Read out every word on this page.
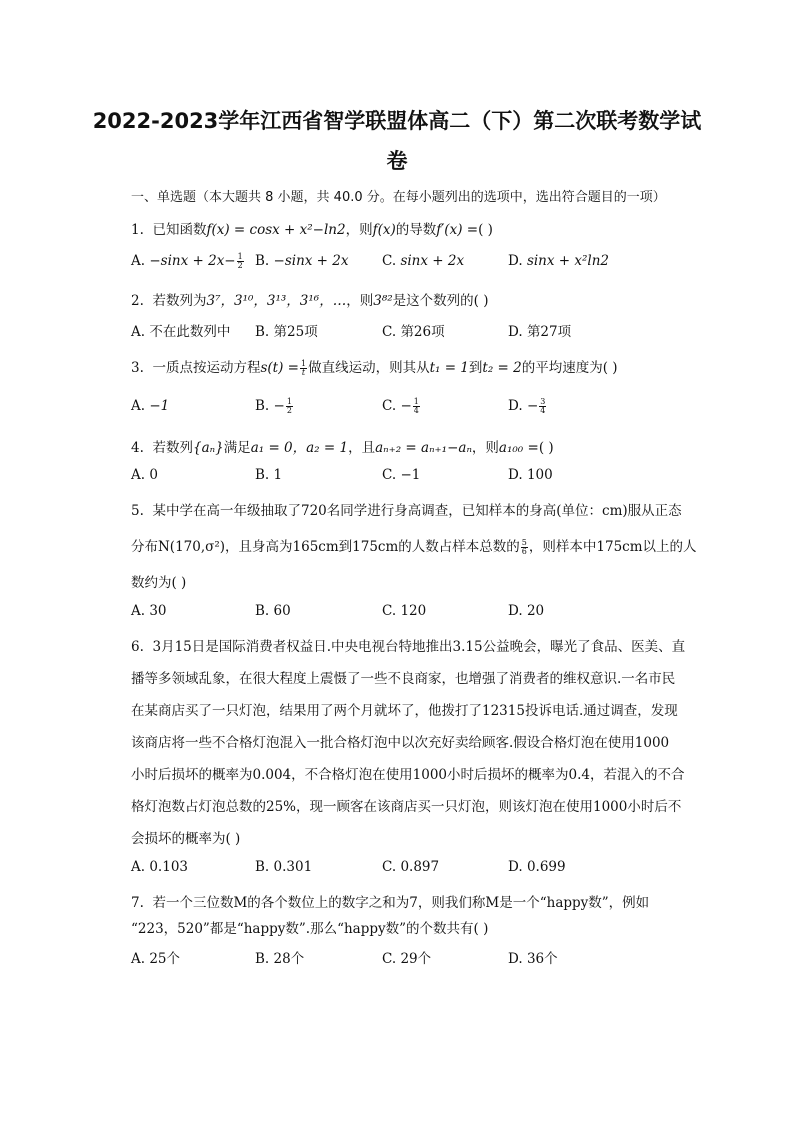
2022-2023学年江西省智学联盟体高二（下）第二次联考数学试
卷
一、单选题（本大题共 8 小题，共 40.0 分。在每小题列出的选项中，选出符合题目的一项）
1. 已知函数f(x) = cosx + x²−ln2，则f(x)的导数f′(x) =( )
A. $-\sin x + 2x- \frac{1}{2} B$. −sinx + 2x C. sinx + 2x	D. sinx + x²ln2
2. 若数列为3⁷，3¹⁰，3¹³，3¹⁶，…，则3⁸²是这个数列的( )
A. 不在此数列中 B. 第25项	C. 第26项	D. 第27项
3. 一质点按运动方程$s(t) = \frac{1}{t}$ 做直线运动，则其从t₁ = 1到t₂ = 2的平均速度为( )
A. −1	B. − $\frac{1}{2}$	C. − $\frac{1}{4}$	D. − $\frac{3}{4}$
4. 若数列{aₙ}满足a₁ = 0，a₂ = 1，且aₙ₊₂ = aₙ₊₁−aₙ，则a₁₀₀ =( )
A. 0	B. 1	C. −1	D. 100
5. 某中学在高一年级抽取了720名同学进行身高调查，已知样本的身高(单位：cm)服从正态
分布N(170,σ²)，且身高为165cm到175cm的人数占样本总数的 $\frac{5}{6}$ ，则样本中175cm以上的人
数约为( )
A. 30	B. 60	C. 120	D. 20
6. 3月15日是国际消费者权益日.中央电视台特地推出3.15公益晚会，曝光了食品、医美、直
播等多领域乱象，在很大程度上震慑了一些不良商家，也增强了消费者的维权意识.一名市民
在某商店买了一只灯泡，结果用了两个月就坏了，他拨打了12315投诉电话.通过调查，发现
该商店将一些不合格灯泡混入一批合格灯泡中以次充好卖给顾客.假设合格灯泡在使用1000
小时后损坏的概率为0.004，不合格灯泡在使用1000小时后损坏的概率为0.4，若混入的不合
格灯泡数占灯泡总数的25%，现一顾客在该商店买一只灯泡，则该灯泡在使用1000小时后不
会损坏的概率为( )
A. 0.103	B. 0.301	C. 0.897	D. 0.699
7. 若一个三位数M的各个数位上的数字之和为7，则我们称M是一个“happy数”，例如
“223，520”都是“happy数”.那么“happy数”的个数共有( )
A. 25个	B. 28个	C. 29个	D. 36个
